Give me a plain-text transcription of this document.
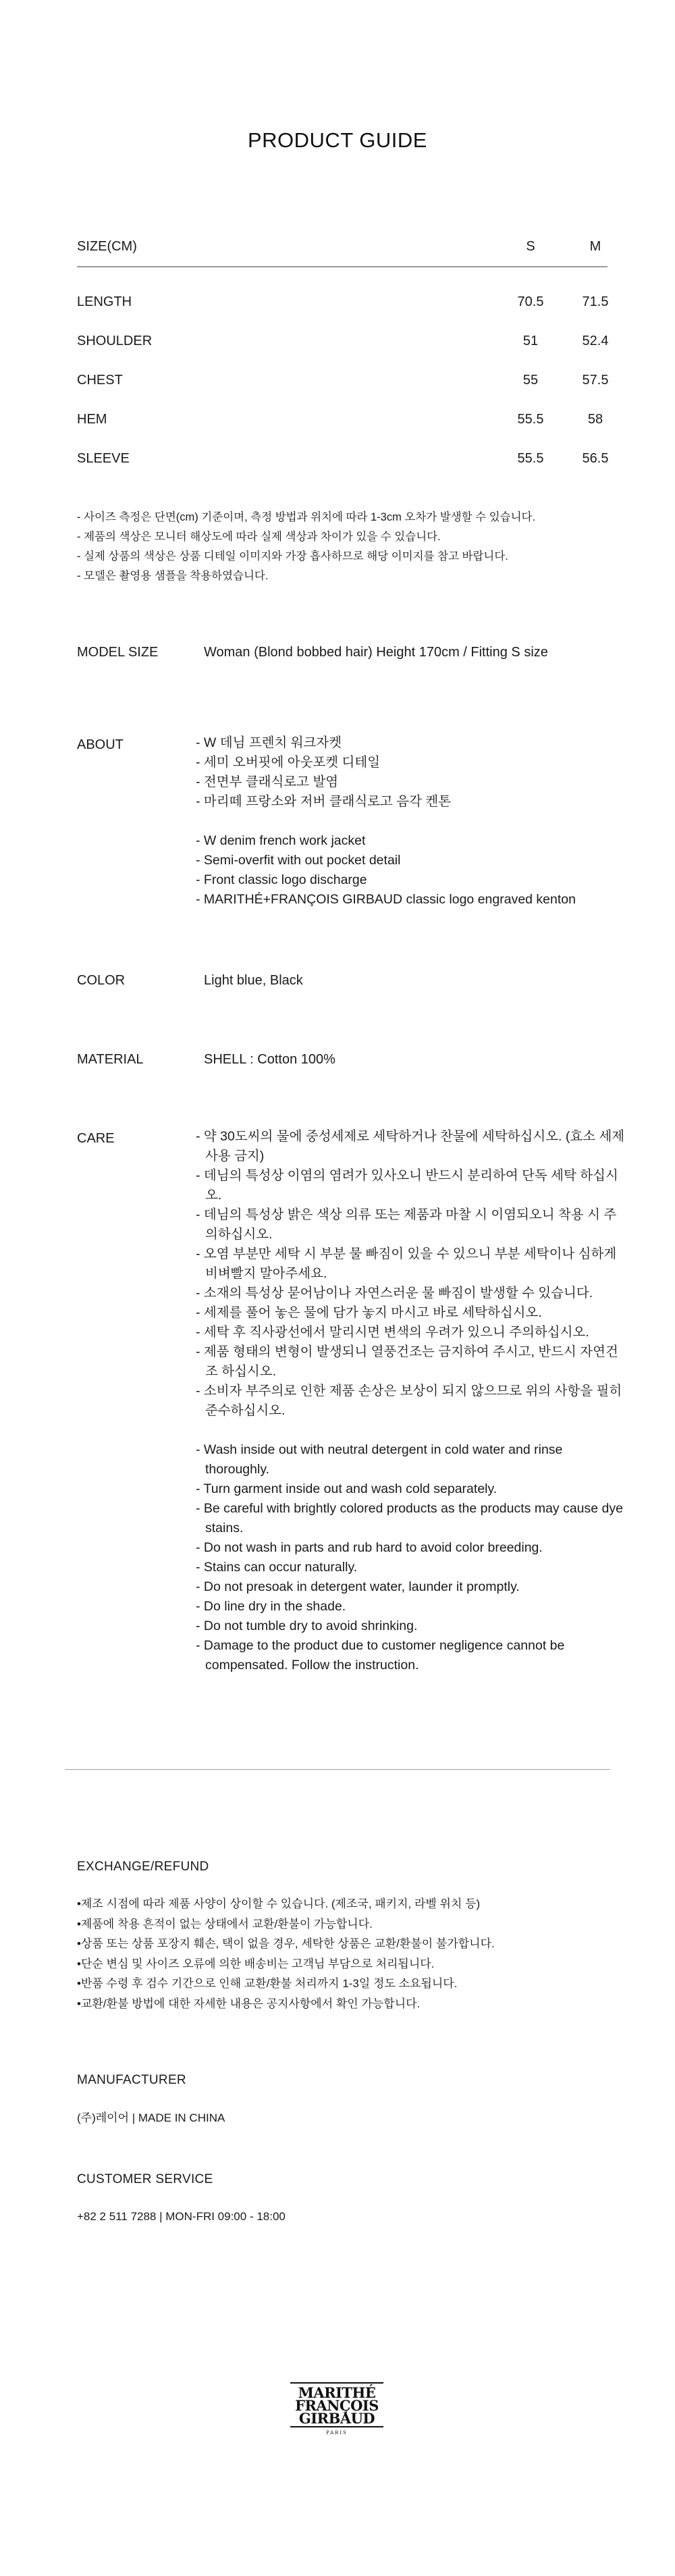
PRODUCT GUIDE
SIZE(CM)	S	M
LENGTH	70.5	71.5
SHOULDER	51	52.4
CHEST	55	57.5
HEM	55.5	58
SLEEVE	55.5	56.5
- 사이즈 측정은 단면(cm) 기준이며, 측정 방법과 위치에 따라 1-3cm 오차가 발생할 수 있습니다.
- 제품의 색상은 모니터 해상도에 따라 실제 색상과 차이가 있을 수 있습니다.
- 실제 상품의 색상은 상품 디테일 이미지와 가장 흡사하므로 해당 이미지를 참고 바랍니다.
- 모델은 촬영용 샘플을 착용하였습니다.
MODEL SIZE	Woman (Blond bobbed hair) Height 170cm / Fitting S size
ABOUT	- W 데님 프렌치 워크자켓
- 세미 오버핏에 아웃포켓 디테일
- 전면부 클래식로고 발염
- 마리떼 프랑소와 저버 클래식로고 음각 켄톤
- W denim french work jacket
- Semi-overfit with out pocket detail
- Front classic logo discharge
- MARITHÉ+FRANÇOIS GIRBAUD classic logo engraved kenton
COLOR	Light blue, Black
MATERIAL	SHELL : Cotton 100%
CARE	- 약 30도씨의 물에 중성세제로 세탁하거나 찬물에 세탁하십시오. (효소 세제 사용 금지)
- 데님의 특성상 이염의 염려가 있사오니 반드시 분리하여 단독 세탁 하십시오.
- 데님의 특성상 밝은 색상 의류 또는 제품과 마찰 시 이염되오니 착용 시 주의하십시오.
- 오염 부분만 세탁 시 부분 물 빠짐이 있을 수 있으니 부분 세탁이나 심하게 비벼빨지 말아주세요.
- 소재의 특성상 묻어남이나 자연스러운 물 빠짐이 발생할 수 있습니다.
- 세제를 풀어 놓은 물에 담가 놓지 마시고 바로 세탁하십시오.
- 세탁 후 직사광선에서 말리시면 변색의 우려가 있으니 주의하십시오.
- 제품 형태의 변형이 발생되니 열풍건조는 금지하여 주시고, 반드시 자연건조 하십시오.
- 소비자 부주의로 인한 제품 손상은 보상이 되지 않으므로 위의 사항을 필히 준수하십시오.
- Wash inside out with neutral detergent in cold water and rinse thoroughly.
- Turn garment inside out and wash cold separately.
- Be careful with brightly colored products as the products may cause dye stains.
- Do not wash in parts and rub hard to avoid color breeding.
- Stains can occur naturally.
- Do not presoak in detergent water, launder it promptly.
- Do line dry in the shade.
- Do not tumble dry to avoid shrinking.
- Damage to the product due to customer negligence cannot be compensated. Follow the instruction.
EXCHANGE/REFUND
•제조 시점에 따라 제품 사양이 상이할 수 있습니다. (제조국, 패키지, 라벨 위치 등)
•제품에 착용 흔적이 없는 상태에서 교환/환불이 가능합니다.
•상품 또는 상품 포장지 훼손, 택이 없을 경우, 세탁한 상품은 교환/환불이 불가합니다.
•단순 변심 및 사이즈 오류에 의한 배송비는 고객님 부담으로 처리됩니다.
•반품 수령 후 검수 기간으로 인해 교환/환불 처리까지 1-3일 정도 소요됩니다.
•교환/환불 방법에 대한 자세한 내용은 공지사항에서 확인 가능합니다.
MANUFACTURER
(주)레이어 | MADE IN CHINA
CUSTOMER SERVICE
+82 2 511 7288 | MON-FRI 09:00 - 18:00
MARITHÉ
FRANÇOIS
GIRBAUD
PARIS
